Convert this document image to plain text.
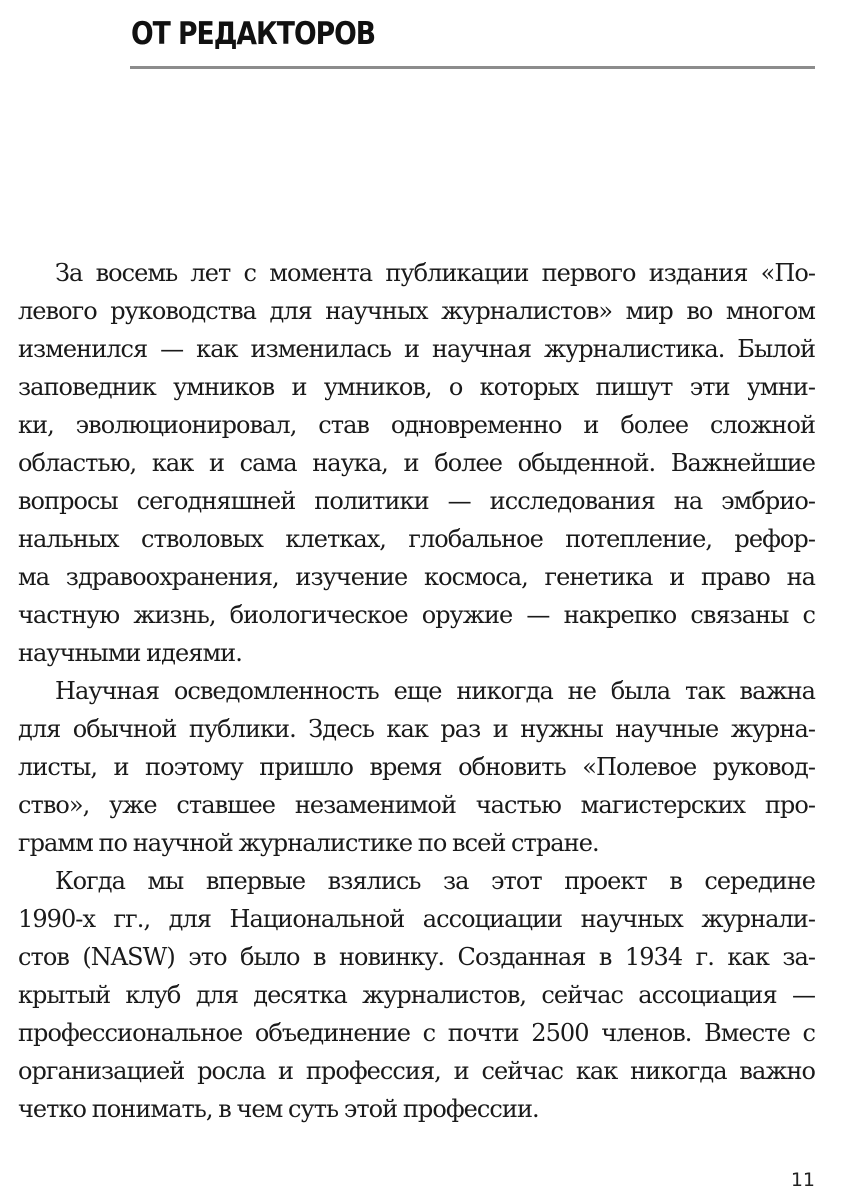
ОТ РЕДАКТОРОВ
За восемь лет с момента публикации первого издания «По-
левого руководства для научных журналистов» мир во многом
изменился — как изменилась и научная журналистика. Былой
заповедник умников и умников, о которых пишут эти умни-
ки, эволюционировал, став одновременно и более сложной
областью, как и сама наука, и более обыденной. Важнейшие
вопросы сегодняшней политики — исследования на эмбрио-
нальных стволовых клетках, глобальное потепление, рефор-
ма здравоохранения, изучение космоса, генетика и право на
частную жизнь, биологическое оружие — накрепко связаны с
научными идеями.
Научная осведомленность еще никогда не была так важна
для обычной публики. Здесь как раз и нужны научные журна-
листы, и поэтому пришло время обновить «Полевое руковод-
ство», уже ставшее незаменимой частью магистерских про-
грамм по научной журналистике по всей стране.
Когда мы впервые взялись за этот проект в середине
1990-х гг., для Национальной ассоциации научных журнали-
стов (NASW) это было в новинку. Созданная в 1934 г. как за-
крытый клуб для десятка журналистов, сейчас ассоциация —
профессиональное объединение с почти 2500 членов. Вместе с
организацией росла и профессия, и сейчас как никогда важно
четко понимать, в чем суть этой профессии.
11
